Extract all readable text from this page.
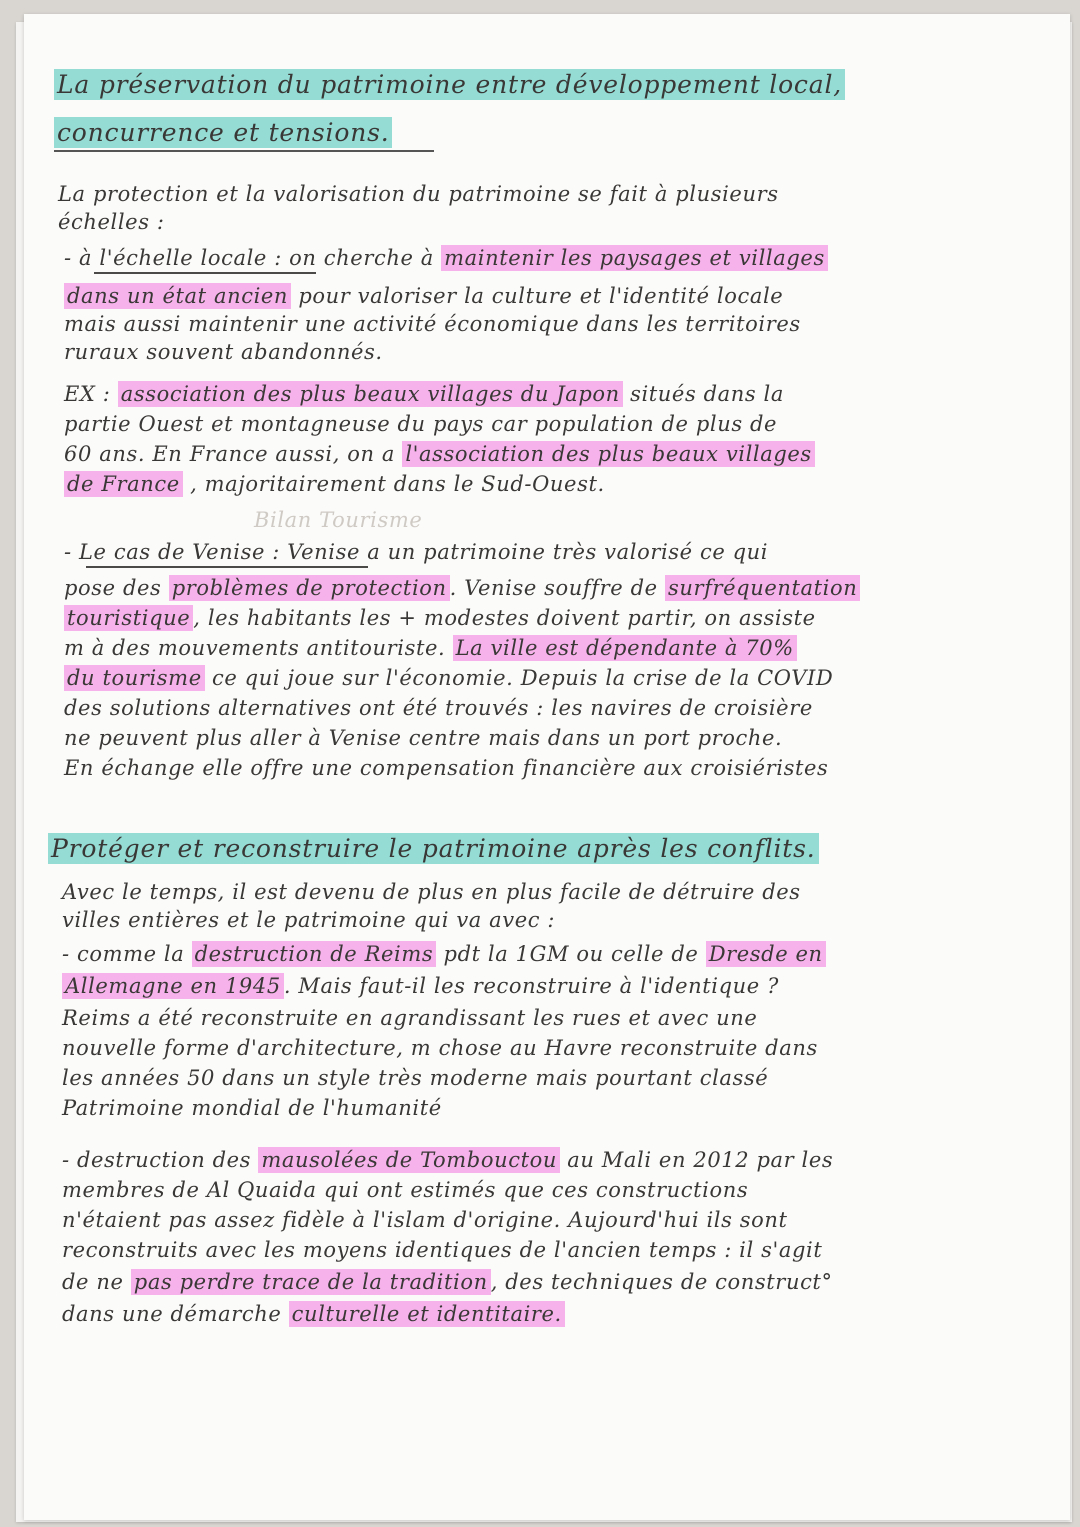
La préservation du patrimoine entre développement local,
concurrence et tensions.
La protection et la valorisation du patrimoine se fait à plusieurs
échelles :
- à l'échelle locale : on cherche à maintenir les paysages et villages
dans un état ancien pour valoriser la culture et l'identité locale
mais aussi maintenir une activité économique dans les territoires
ruraux souvent abandonnés.
EX : association des plus beaux villages du Japon situés dans la
partie Ouest et montagneuse du pays car population de plus de
60 ans. En France aussi, on a l'association des plus beaux villages
de France , majoritairement dans le Sud-Ouest.
Bilan Tourisme
- Le cas de Venise : Venise a un patrimoine très valorisé ce qui
pose des problèmes de protection . Venise souffre de surfréquentation
touristique , les habitants les + modestes doivent partir, on assiste
m à des mouvements antitouriste. La ville est dépendante à 70%
du tourisme ce qui joue sur l'économie. Depuis la crise de la COVID
des solutions alternatives ont été trouvés : les navires de croisière
ne peuvent plus aller à Venise centre mais dans un port proche.
En échange elle offre une compensation financière aux croisiéristes
Protéger et reconstruire le patrimoine après les conflits.
Avec le temps, il est devenu de plus en plus facile de détruire des
villes entières et le patrimoine qui va avec :
- comme la destruction de Reims pdt la 1GM ou celle de Dresde en
Allemagne en 1945 . Mais faut-il les reconstruire à l'identique ?
Reims a été reconstruite en agrandissant les rues et avec une
nouvelle forme d'architecture, m chose au Havre reconstruite dans
les années 50 dans un style très moderne mais pourtant classé
Patrimoine mondial de l'humanité
- destruction des mausolées de Tombouctou au Mali en 2012 par les
membres de Al Quaida qui ont estimés que ces constructions
n'étaient pas assez fidèle à l'islam d'origine. Aujourd'hui ils sont
reconstruits avec les moyens identiques de l'ancien temps : il s'agit
de ne pas perdre trace de la tradition , des techniques de construct°
dans une démarche culturelle et identitaire.
